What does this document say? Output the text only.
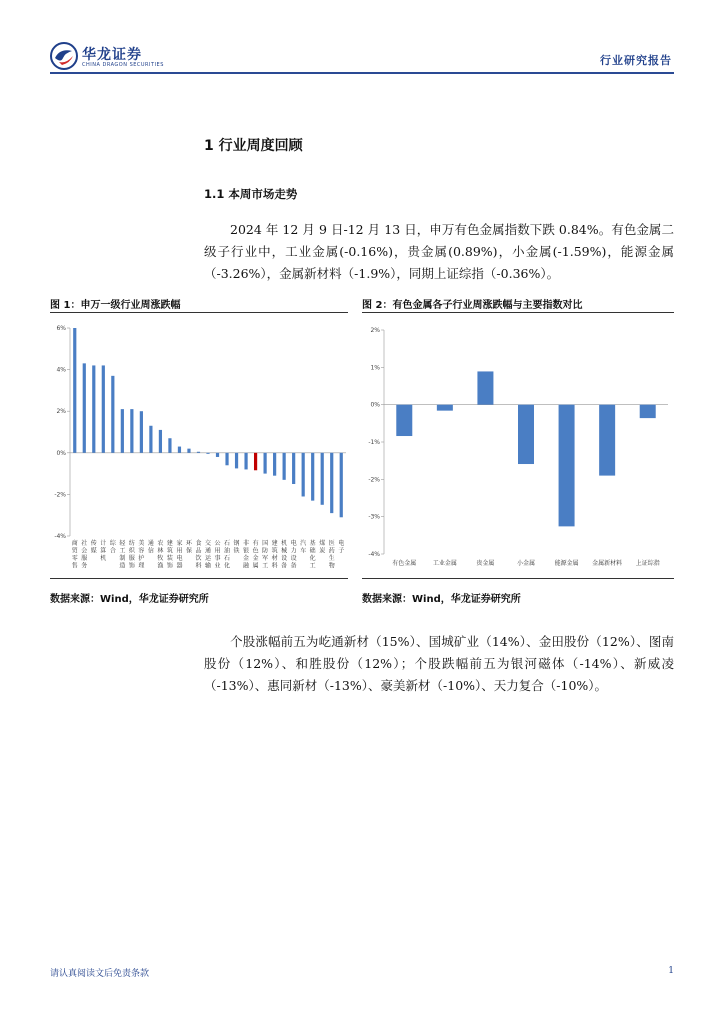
华龙证券
CHINA DRAGON SECURITIES	行业研究报告
1 行业周度回顾
1.1 本周市场走势
2024 年 12 月 9 日-12 月 13 日，申万有色金属指数下跌 0.84%。有色金属二级子行业中，工业金属(-0.16%)，贵金属(0.89%)，小金属(-1.59%)，能源金属（-3.26%），金属新材料（-1.9%），同期上证综指（-0.36%）。
图 1：申万一级行业周涨跌幅	图 2：有色金属各子行业周涨跌幅与主要指数对比
6%
4%
2%
0%
-2%
-4%
商贸零售
社会服务
传媒
计算机
综合
轻工制造
纺织服饰
美容护理
通信
农林牧渔
建筑装饰
家用电器
环保
食品饮料
交通运输
公用事业
石油石化
钢铁
非银金融
有色金属
国防军工
建筑材料
机械设备
电力设备
汽车
基础化工
煤炭
医药生物
电子
2%
1%
0%
-1%
-2%
-3%
-4%
有色金属	工业金属	贵金属	小金属	能源金属 金属新材料 上证综指
数据来源：Wind，华龙证券研究所	数据来源：Wind，华龙证券研究所
个股涨幅前五为屹通新材（15%）、国城矿业（14%）、金田股份（12%）、图南股份（12%）、和胜股份（12%）；个股跌幅前五为银河磁体（-14%）、新威凌（-13%）、惠同新材（-13%）、豪美新材（-10%）、天力复合（-10%）。
请认真阅读文后免责条款	1
